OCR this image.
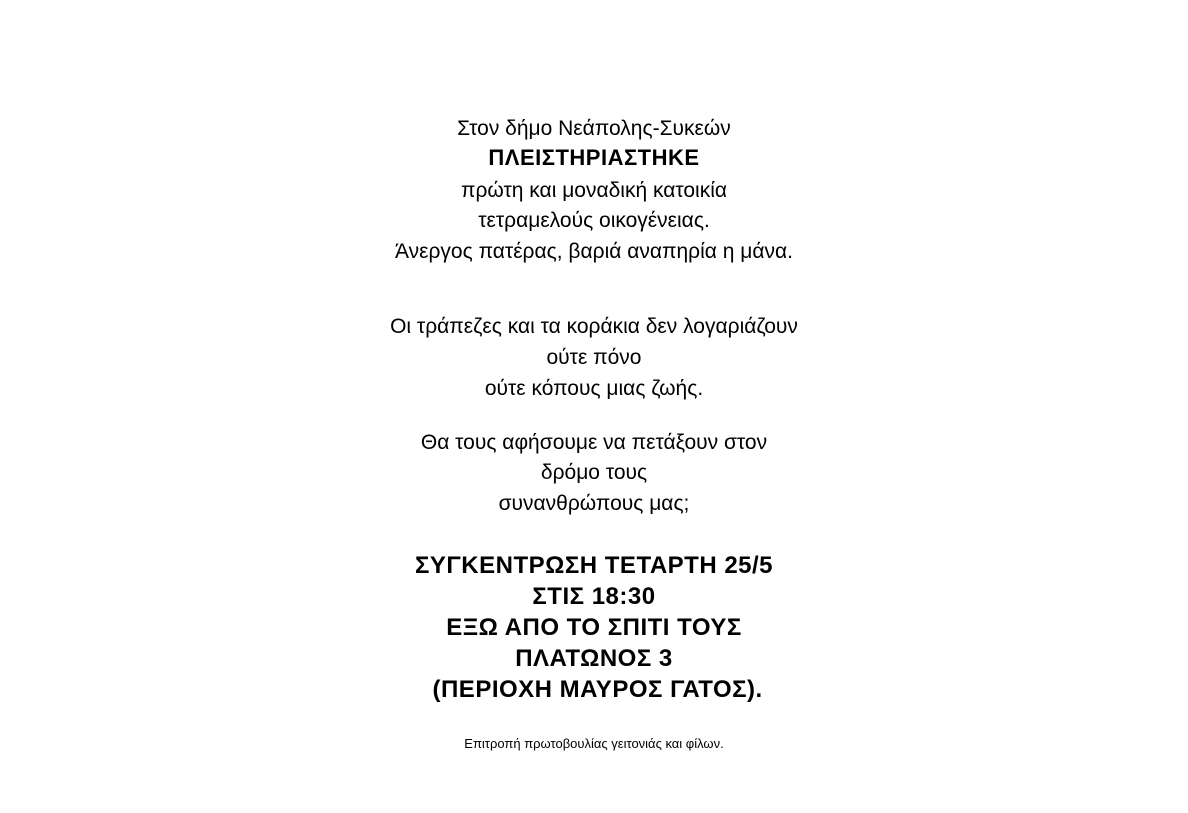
Στον δήμο Νεάπολης-Συκεών
ΠΛΕΙΣΤΗΡΙΑΣΤΗΚΕ
πρώτη και μοναδική κατοικία
τετραμελούς οικογένειας.
Άνεργος πατέρας, βαριά αναπηρία η μάνα.
Οι τράπεζες και τα κοράκια δεν λογαριάζουν
ούτε πόνο
ούτε κόπους μιας ζωής.
Θα τους αφήσουμε να πετάξουν στον
δρόμο τους
συνανθρώπους μας;
ΣΥΓΚΕΝΤΡΩΣΗ ΤΕΤΑΡΤΗ 25/5
ΣΤΙΣ 18:30
ΕΞΩ ΑΠΟ ΤΟ ΣΠΙΤΙ ΤΟΥΣ
ΠΛΑΤΩΝΟΣ 3
(ΠΕΡΙΟΧΗ ΜΑΥΡΟΣ ΓΑΤΟΣ).
Επιτροπή πρωτοβουλίας γειτονιάς και φίλων.
